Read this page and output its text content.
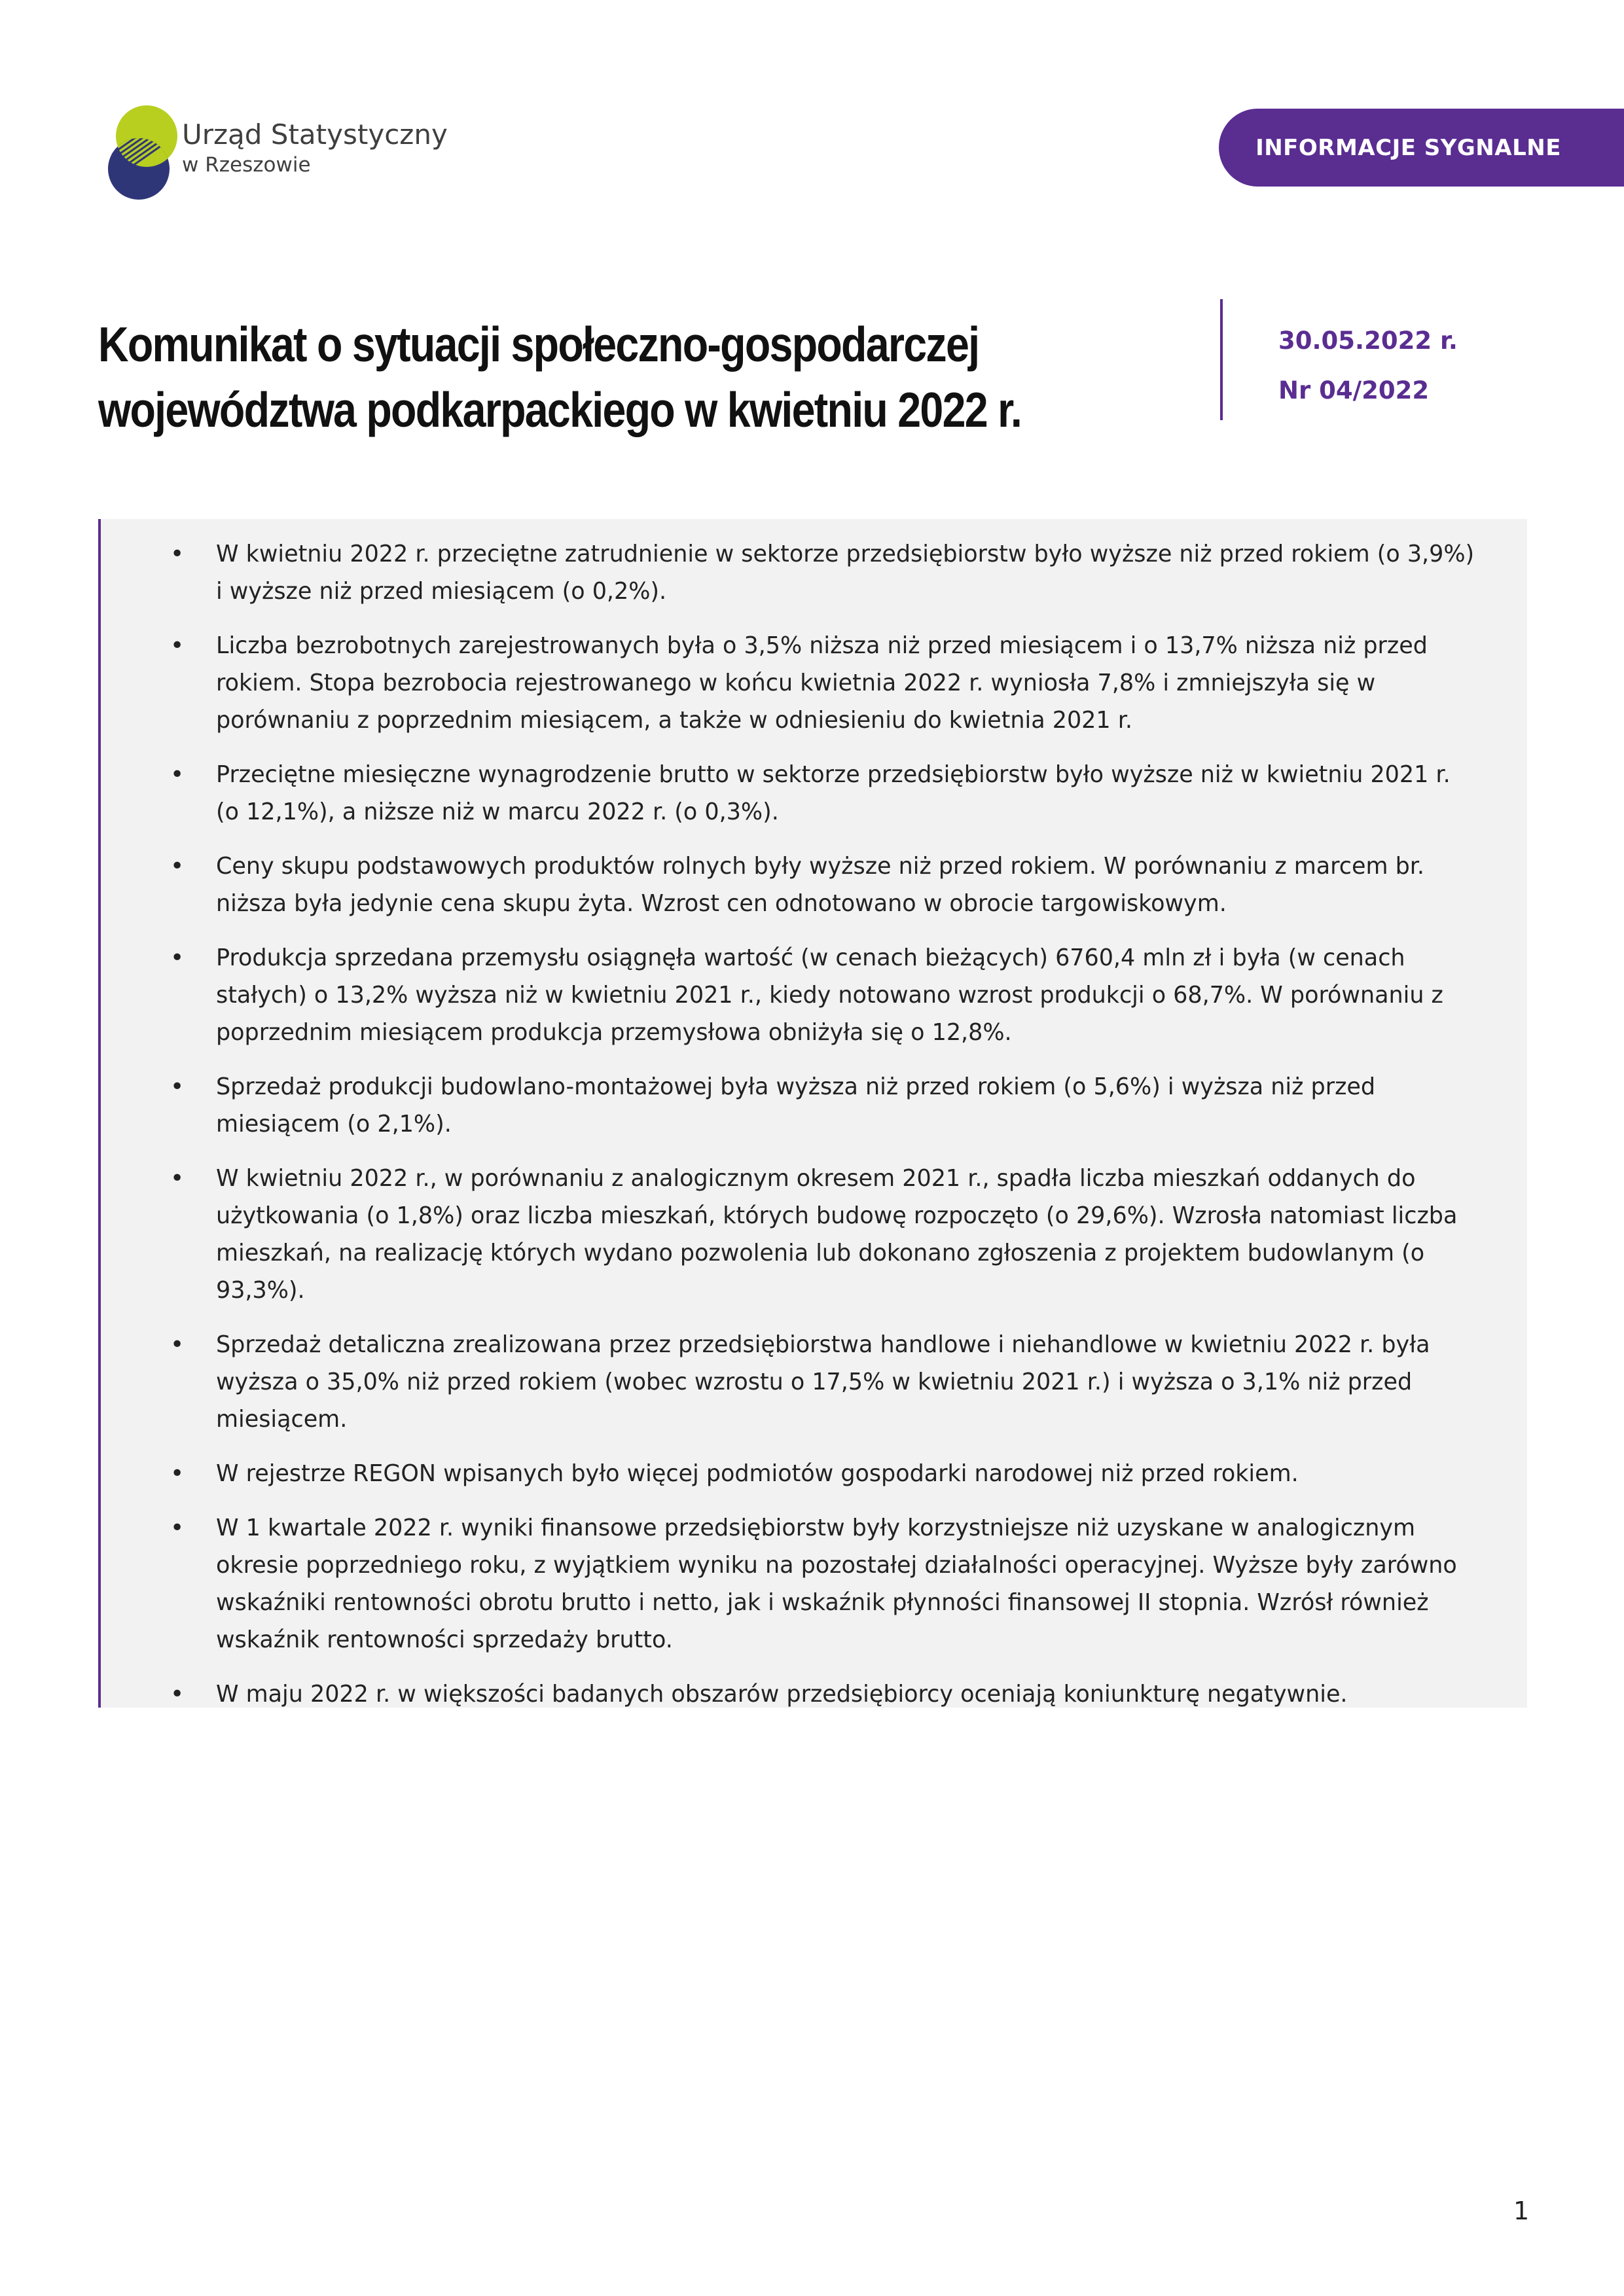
Urząd Statystyczny
w Rzeszowie
INFORMACJE SYGNALNE
Komunikat o sytuacji społeczno-gospodarczej
województwa podkarpackiego w kwietniu 2022 r.
30.05.2022 r.
Nr 04/2022
• W kwietniu 2022 r. przeciętne zatrudnienie w sektorze przedsiębiorstw było wyższe niż przed rokiem (o 3,9%) i wyższe niż przed miesiącem (o 0,2%).
• Liczba bezrobotnych zarejestrowanych była o 3,5% niższa niż przed miesiącem i o 13,7% niższa niż przed rokiem. Stopa bezrobocia rejestrowanego w końcu kwietnia 2022 r. wyniosła 7,8% i zmniejszyła się w porównaniu z poprzednim miesiącem, a także w odniesieniu do kwietnia 2021 r.
• Przeciętne miesięczne wynagrodzenie brutto w sektorze przedsiębiorstw było wyższe niż w kwietniu 2021 r. (o 12,1%), a niższe niż w marcu 2022 r. (o 0,3%).
• Ceny skupu podstawowych produktów rolnych były wyższe niż przed rokiem. W porównaniu z marcem br. niższa była jedynie cena skupu żyta. Wzrost cen odnotowano w obrocie targowiskowym.
• Produkcja sprzedana przemysłu osiągnęła wartość (w cenach bieżących) 6760,4 mln zł i była (w cenach stałych) o 13,2% wyższa niż w kwietniu 2021 r., kiedy notowano wzrost produkcji o 68,7%. W porównaniu z poprzednim miesiącem produkcja przemysłowa obniżyła się o 12,8%.
• Sprzedaż produkcji budowlano-montażowej była wyższa niż przed rokiem (o 5,6%) i wyższa niż przed miesiącem (o 2,1%).
• W kwietniu 2022 r., w porównaniu z analogicznym okresem 2021 r., spadła liczba mieszkań oddanych do użytkowania (o 1,8%) oraz liczba mieszkań, których budowę rozpoczęto (o 29,6%). Wzrosła natomiast liczba mieszkań, na realizację których wydano pozwolenia lub dokonano zgłoszenia z projektem budowlanym (o 93,3%).
• Sprzedaż detaliczna zrealizowana przez przedsiębiorstwa handlowe i niehandlowe w kwietniu 2022 r. była wyższa o 35,0% niż przed rokiem (wobec wzrostu o 17,5% w kwietniu 2021 r.) i wyższa o 3,1% niż przed miesiącem.
• W rejestrze REGON wpisanych było więcej podmiotów gospodarki narodowej niż przed rokiem.
• W 1 kwartale 2022 r. wyniki finansowe przedsiębiorstw były korzystniejsze niż uzyskane w analogicznym okresie poprzedniego roku, z wyjątkiem wyniku na pozostałej działalności operacyjnej. Wyższe były zarówno wskaźniki rentowności obrotu brutto i netto, jak i wskaźnik płynności finansowej II stopnia. Wzrósł również wskaźnik rentowności sprzedaży brutto.
• W maju 2022 r. w większości badanych obszarów przedsiębiorcy oceniają koniunkturę negatywnie.
1
